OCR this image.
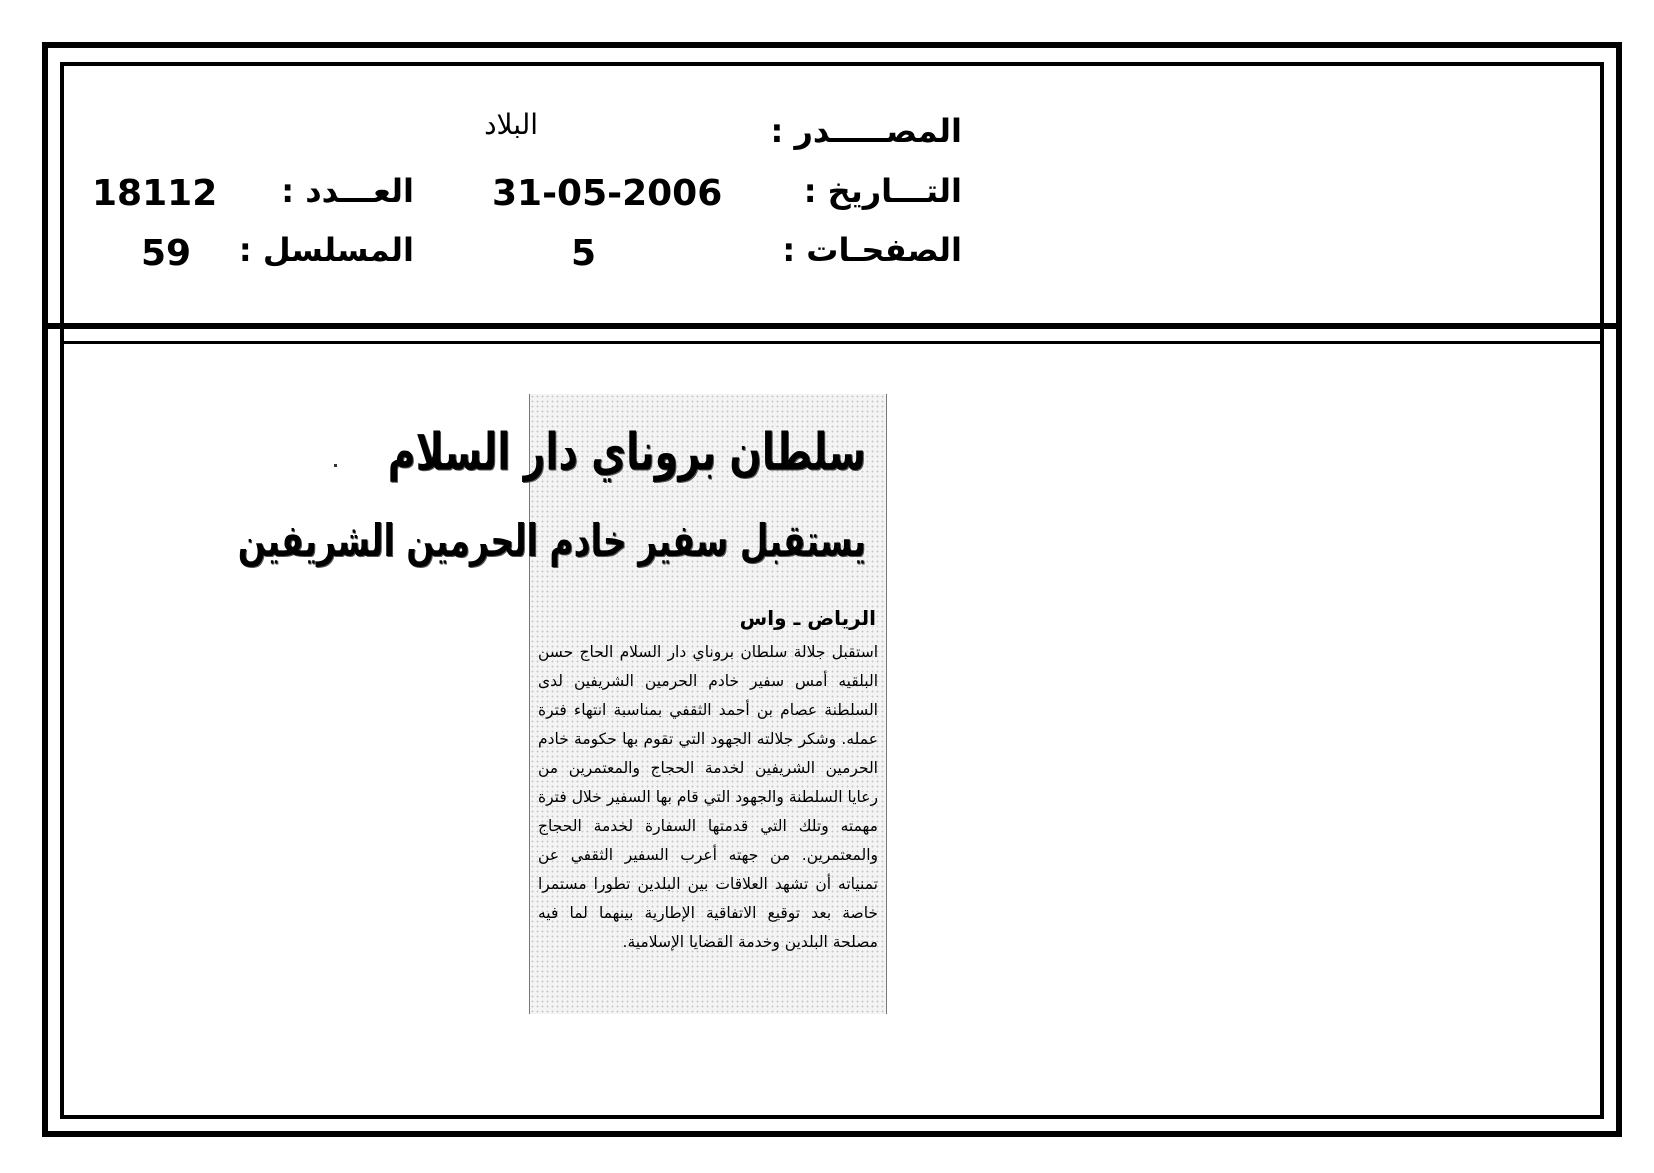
المصـــــدر :
البلاد
التـــاريخ :
31-05-2006
العـــدد :
18112
الصفحـات :
5
المسلسل :
59
سلطان بروناي دار السلام
يستقبل سفير خادم الحرمين الشريفين
الرياض ـ واس
استقبل جلالة سلطان بروناي دار السلام الحاج حسن البلقيه أمس سفير خادم الحرمين الشريفين لدى السلطنة عصام بن أحمد الثقفي بمناسبة انتهاء فترة عمله. وشكر جلالته الجهود التي تقوم بها حكومة خادم الحرمين الشريفين لخدمة الحجاج والمعتمرين من رعايا السلطنة والجهود التي قام بها السفير خلال فترة مهمته وتلك التي قدمتها السفارة لخدمة الحجاج والمعتمرين. من جهته أعرب السفير الثقفي عن تمنياته أن تشهد العلاقات بين البلدين تطورا مستمرا خاصة بعد توقيع الاتفاقية الإطارية بينهما لما فيه مصلحة البلدين وخدمة القضايا الإسلامية.
